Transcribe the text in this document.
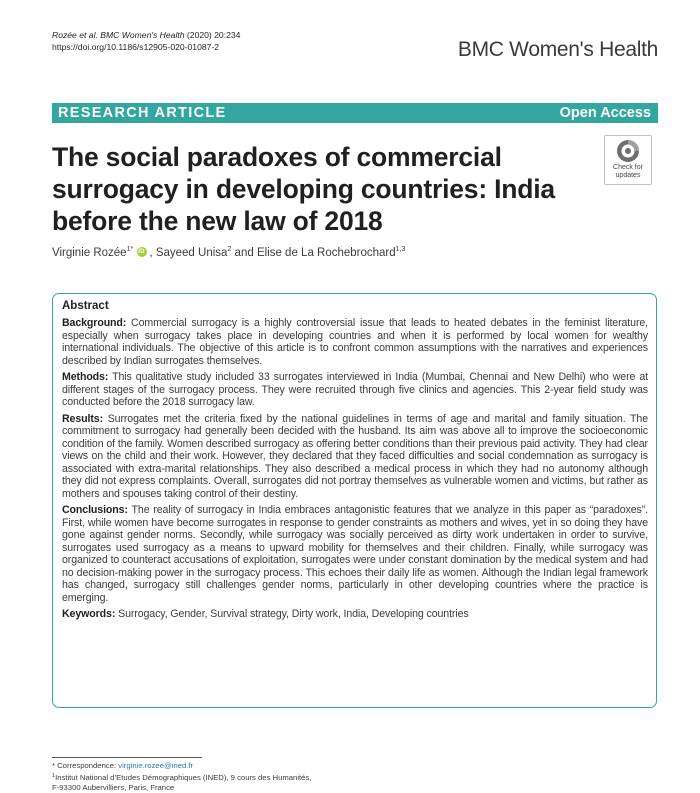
Rozée et al. BMC Women's Health (2020) 20:234
https://doi.org/10.1186/s12905-020-01087-2	BMC Women's Health
RESEARCH ARTICLE	Open Access
The social paradoxes of commercial surrogacy in developing countries: India before the new law of 2018
Check for
updates
Virginie Rozée$^{1*}$ iD , Sayeed Unisa$^2$ and Elise de La Rochebrochard$^{1,3}$
Abstract

Background: Commercial surrogacy is a highly controversial issue that leads to heated debates in the feminist literature, especially when surrogacy takes place in developing countries and when it is performed by local women for wealthy international individuals. The objective of this article is to confront common assumptions with the narratives and experiences described by Indian surrogates themselves.

Methods: This qualitative study included 33 surrogates interviewed in India (Mumbai, Chennai and New Delhi) who were at different stages of the surrogacy process. They were recruited through five clinics and agencies. This 2-year field study was conducted before the 2018 surrogacy law.

Results: Surrogates met the criteria fixed by the national guidelines in terms of age and marital and family situation. The commitment to surrogacy had generally been decided with the husband. Its aim was above all to improve the socioeconomic condition of the family. Women described surrogacy as offering better conditions than their previous paid activity. They had clear views on the child and their work. However, they declared that they faced difficulties and social condemnation as surrogacy is associated with extra-marital relationships. They also described a medical process in which they had no autonomy although they did not express complaints. Overall, surrogates did not portray themselves as vulnerable women and victims, but rather as mothers and spouses taking control of their destiny.

Conclusions: The reality of surrogacy in India embraces antagonistic features that we analyze in this paper as “paradoxes”. First, while women have become surrogates in response to gender constraints as mothers and wives, yet in so doing they have gone against gender norms. Secondly, while surrogacy was socially perceived as dirty work undertaken in order to survive, surrogates used surrogacy as a means to upward mobility for themselves and their children. Finally, while surrogacy was organized to counteract accusations of exploitation, surrogates were under constant domination by the medical system and had no decision-making power in the surrogacy process. This echoes their daily life as women. Although the Indian legal framework has changed, surrogacy still challenges gender norms, particularly in other developing countries where the practice is emerging.

Keywords: Surrogacy, Gender, Survival strategy, Dirty work, India, Developing countries

* Correspondence: virginie.rozee@ined.fr
$^1$Institut National d’Etudes Démographiques (INED), 9 cours des Humanités,
F-93300 Aubervilliers, Paris, France
